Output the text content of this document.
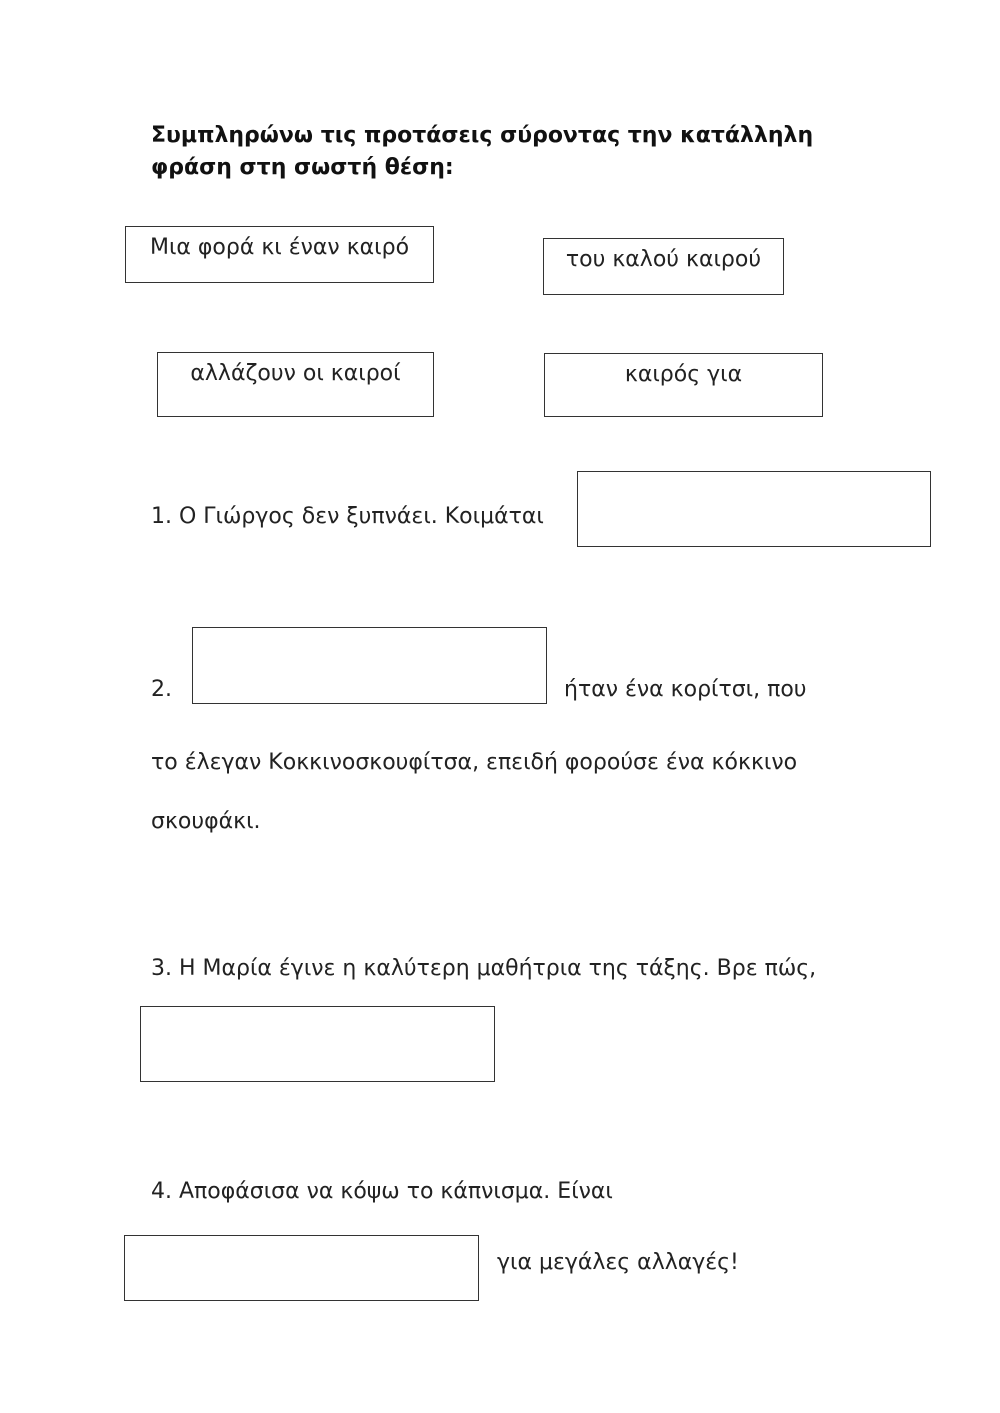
Συμπληρώνω τις προτάσεις σύροντας την κατάλληλη
φράση στη σωστή θέση:
Μια φορά κι έναν καιρό	του καλού καιρού
αλλάζουν οι καιροί	καιρός για
1. Ο Γιώργος δεν ξυπνάει. Κοιμάται
2.	ήταν ένα κορίτσι, που
το έλεγαν Κοκκινοσκουφίτσα, επειδή φορούσε ένα κόκκινο
σκουφάκι.
3. Η Μαρία έγινε η καλύτερη μαθήτρια της τάξης. Βρε πώς,
4. Αποφάσισα να κόψω το κάπνισμα. Είναι
για μεγάλες αλλαγές!
